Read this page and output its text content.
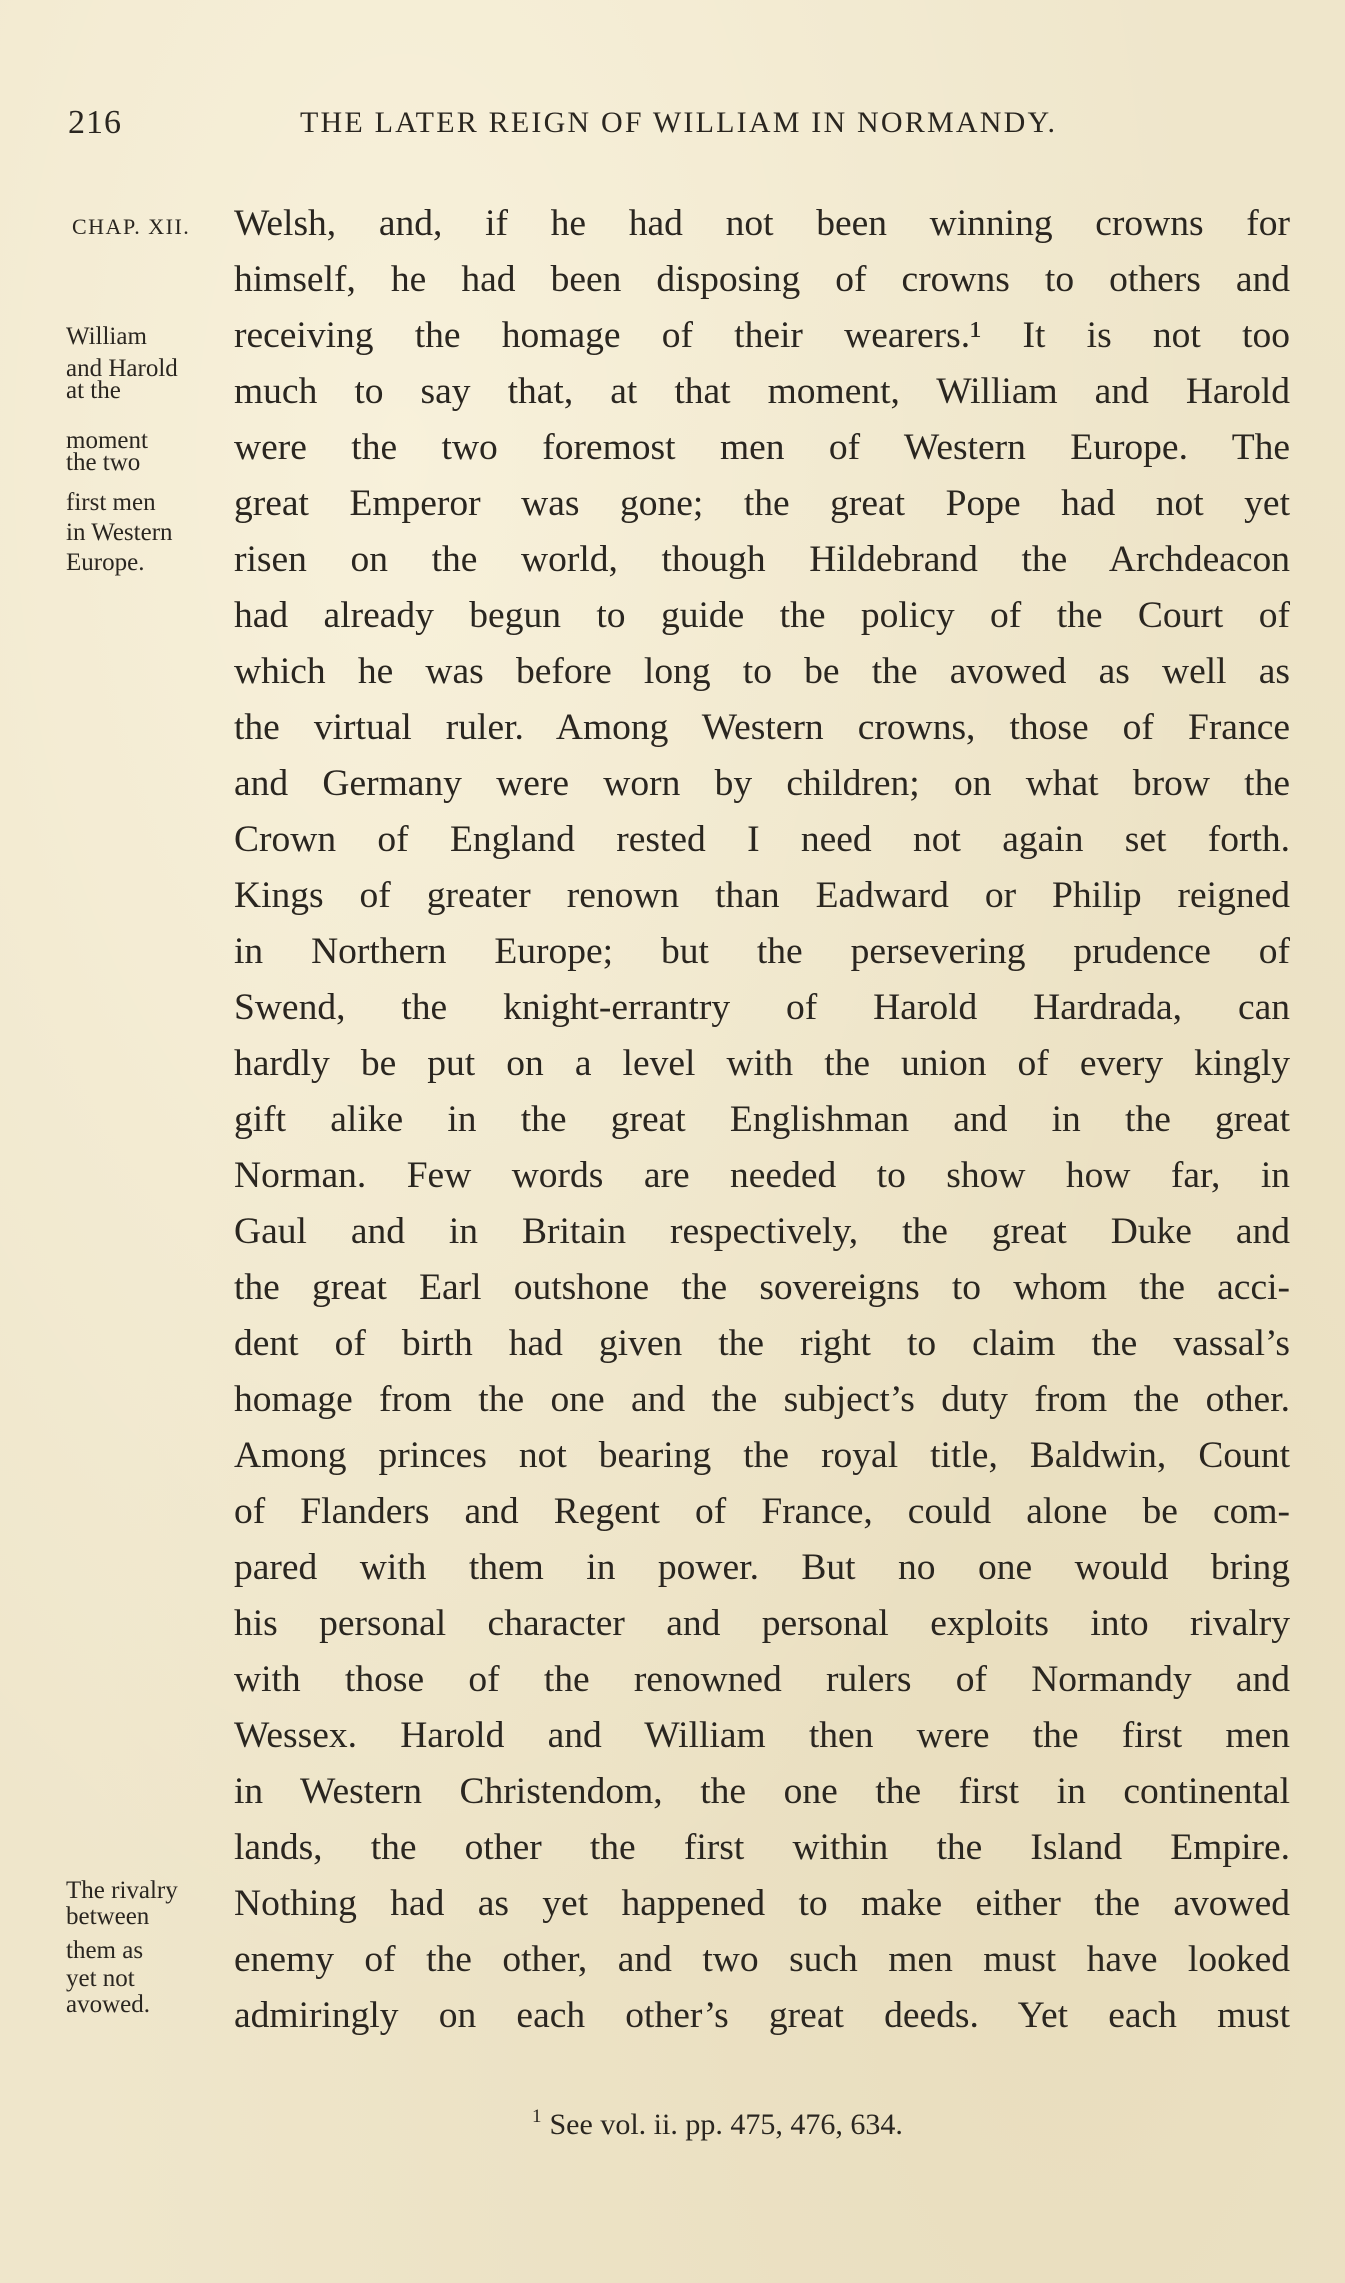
216	THE LATER REIGN OF WILLIAM IN NORMANDY.
CHAP. XII.
William
and Harold
at the
moment
the two
first men
in Western
Europe.
The rivalry
between
them as
yet not
avowed.
Welsh, and, if he had not been winning crowns for
himself, he had been disposing of crowns to others and
receiving the homage of their wearers.¹ It is not too
much to say that, at that moment, William and Harold
were the two foremost men of Western Europe. The
great Emperor was gone; the great Pope had not yet
risen on the world, though Hildebrand the Archdeacon
had already begun to guide the policy of the Court of
which he was before long to be the avowed as well as
the virtual ruler. Among Western crowns, those of France
and Germany were worn by children; on what brow the
Crown of England rested I need not again set forth.
Kings of greater renown than Eadward or Philip reigned
in Northern Europe; but the persevering prudence of
Swend, the knight-errantry of Harold Hardrada, can
hardly be put on a level with the union of every kingly
gift alike in the great Englishman and in the great
Norman. Few words are needed to show how far, in
Gaul and in Britain respectively, the great Duke and
the great Earl outshone the sovereigns to whom the acci-
dent of birth had given the right to claim the vassal’s
homage from the one and the subject’s duty from the other.
Among princes not bearing the royal title, Baldwin, Count
of Flanders and Regent of France, could alone be com-
pared with them in power. But no one would bring
his personal character and personal exploits into rivalry
with those of the renowned rulers of Normandy and
Wessex. Harold and William then were the first men
in Western Christendom, the one the first in continental
lands, the other the first within the Island Empire.
Nothing had as yet happened to make either the avowed
enemy of the other, and two such men must have looked
admiringly on each other’s great deeds. Yet each must
$^1$ See vol. ii. pp. 475, 476, 634.
